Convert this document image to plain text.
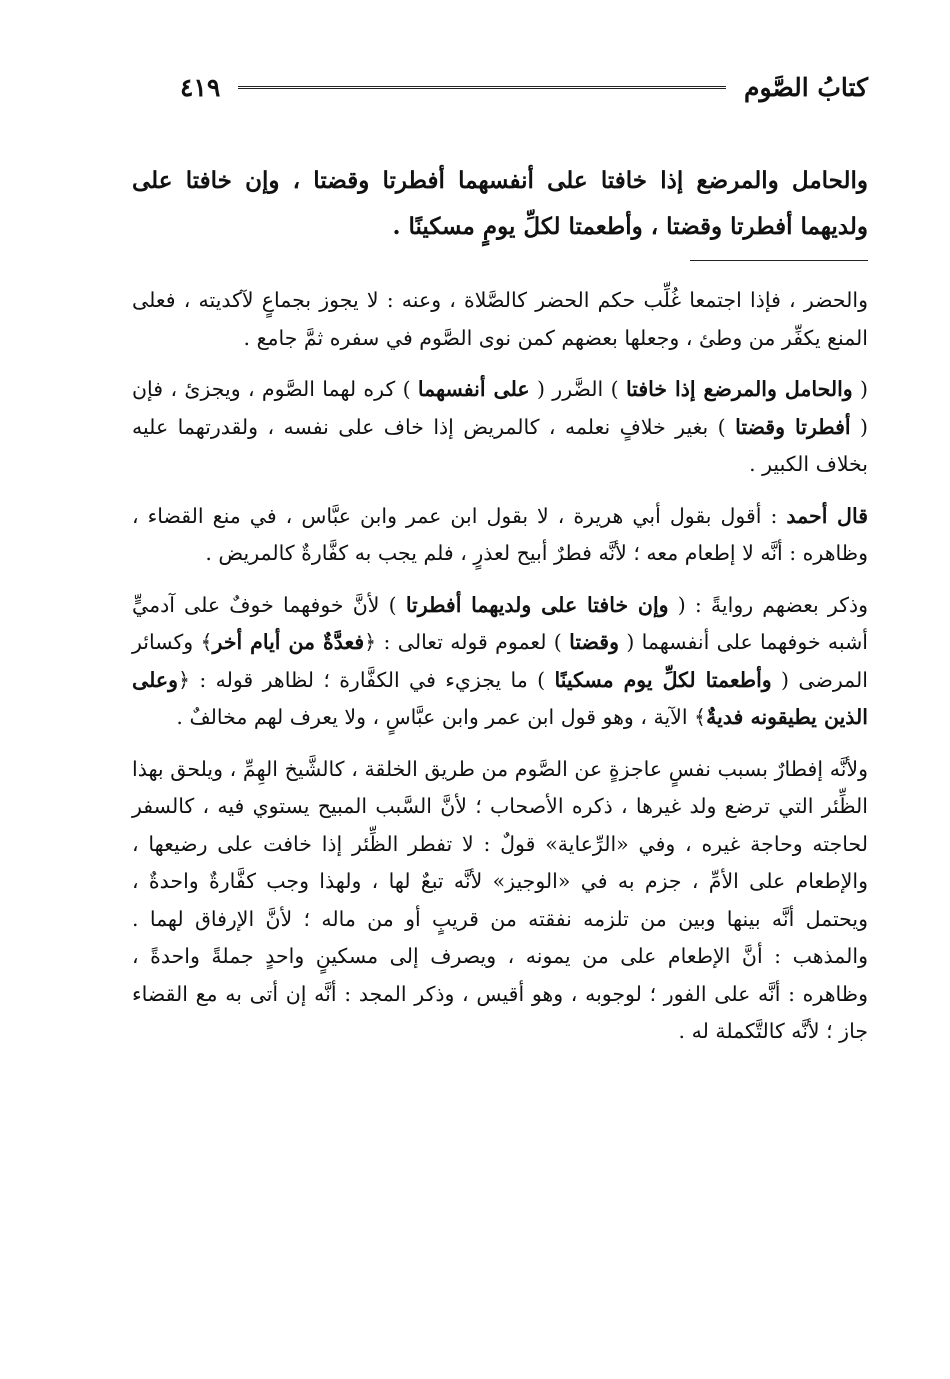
كتابُ الصَّوم
٤١٩
والحامل والمرضع إذا خافتا على أنفسهما أفطرتا وقضتا ، وإن خافتا على ولديهما أفطرتا وقضتا ، وأطعمتا لكلِّ يومٍ مسكينًا .

والحضر ، فإذا اجتمعا غُلِّب حكم الحضر كالصَّلاة ، وعنه : لا يجوز بجماعٍ لآكديته ، فعلى المنع يكفِّر من وطئ ، وجعلها بعضهم كمن نوى الصَّوم في سفره ثمَّ جامع .

( والحامل والمرضع إذا خافتا ) الضَّرر ( على أنفسهما ) كره لهما الصَّوم ، ويجزئ ، فإن ( أفطرتا وقضتا ) بغير خلافٍ نعلمه ، كالمريض إذا خاف على نفسه ، ولقدرتهما عليه بخلاف الكبير .

قال أحمد : أقول بقول أبي هريرة ، لا بقول ابن عمر وابن عبَّاس ، في منع القضاء ، وظاهره : أنَّه لا إطعام معه ؛ لأنَّه فطرٌ أبيح لعذرٍ ، فلم يجب به كفَّارةٌ كالمريض .

وذكر بعضهم روايةً : ( وإن خافتا على ولديهما أفطرتا ) لأنَّ خوفهما خوفٌ على آدميٍّ أشبه خوفهما على أنفسهما ( وقضتا ) لعموم قوله تعالى : ﴿فعدَّةٌ من أيام أخر﴾ وكسائر المرضى ( وأطعمتا لكلِّ يوم مسكينًا ) ما يجزيء في الكفَّارة ؛ لظاهر قوله : ﴿وعلى الذين يطيقونه فديةٌ﴾ الآية ، وهو قول ابن عمر وابن عبَّاسٍ ، ولا يعرف لهم مخالفٌ .

ولأنَّه إفطارٌ بسبب نفسٍ عاجزةٍ عن الصَّوم من طريق الخلقة ، كالشَّيخ الهِمِّ ، ويلحق بهذا الظِّئر التي ترضع ولد غيرها ، ذكره الأصحاب ؛ لأنَّ السَّبب المبيح يستوي فيه ، كالسفر لحاجته وحاجة غيره ، وفي «الرِّعاية» قولٌ : لا تفطر الظِّئر إذا خافت على رضيعها ، والإطعام على الأمِّ ، جزم به في «الوجيز» لأنَّه تبعٌ لها ، ولهذا وجب كفَّارةٌ واحدةٌ ، ويحتمل أنَّه بينها وبين من تلزمه نفقته من قريبٍ أو من ماله ؛ لأنَّ الإرفاق لهما . والمذهب : أنَّ الإطعام على من يمونه ، ويصرف إلى مسكينٍ واحدٍ جملةً واحدةً ، وظاهره : أنَّه على الفور ؛ لوجوبه ، وهو أقيس ، وذكر المجد : أنَّه إن أتى به مع القضاء جاز ؛ لأنَّه كالتَّكملة له .
